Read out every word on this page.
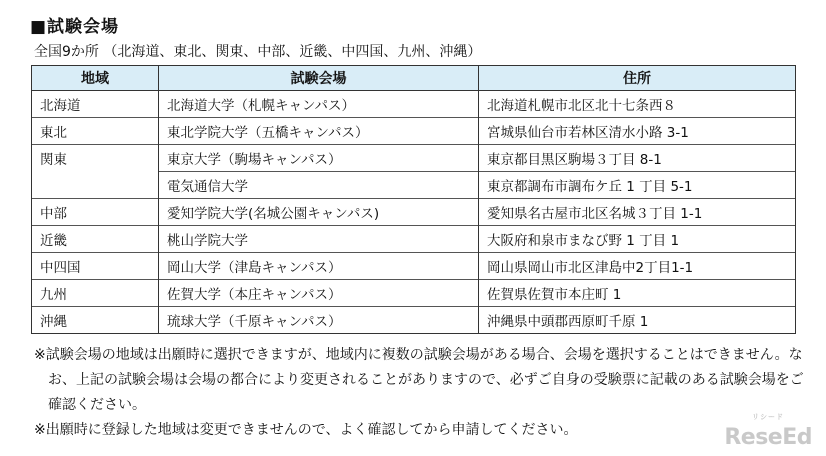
■試験会場
全国9か所 （北海道、東北、関東、中部、近畿、中四国、九州、沖縄）
地域	試験会場	住所
北海道	北海道大学（札幌キャンパス）	北海道札幌市北区北十七条西８
東北	東北学院大学（五橋キャンパス）	宮城県仙台市若林区清水小路 3-1
関東	東京大学（駒場キャンパス）	東京都目黒区駒場３丁目 8-1
	電気通信大学	東京都調布市調布ケ丘 1 丁目 5-1
中部	愛知学院大学(名城公園キャンパス)	愛知県名古屋市北区名城３丁目 1-1
近畿	桃山学院大学	大阪府和泉市まなび野 1 丁目 1
中四国	岡山大学（津島キャンパス）	岡山県岡山市北区津島中2丁目1-1
九州	佐賀大学（本庄キャンパス）	佐賀県佐賀市本庄町 1
沖縄	琉球大学（千原キャンパス）	沖縄県中頭郡西原町千原 1
※試験会場の地域は出願時に選択できますが、地域内に複数の試験会場がある場合、会場を選択することはできません。なお、上記の試験会場は会場の都合により変更されることがありますので、必ずご自身の受験票に記載のある試験会場をご確認ください。
※出願時に登録した地域は変更できませんので、よく確認してから申請してください。
リシード
ReseEd
